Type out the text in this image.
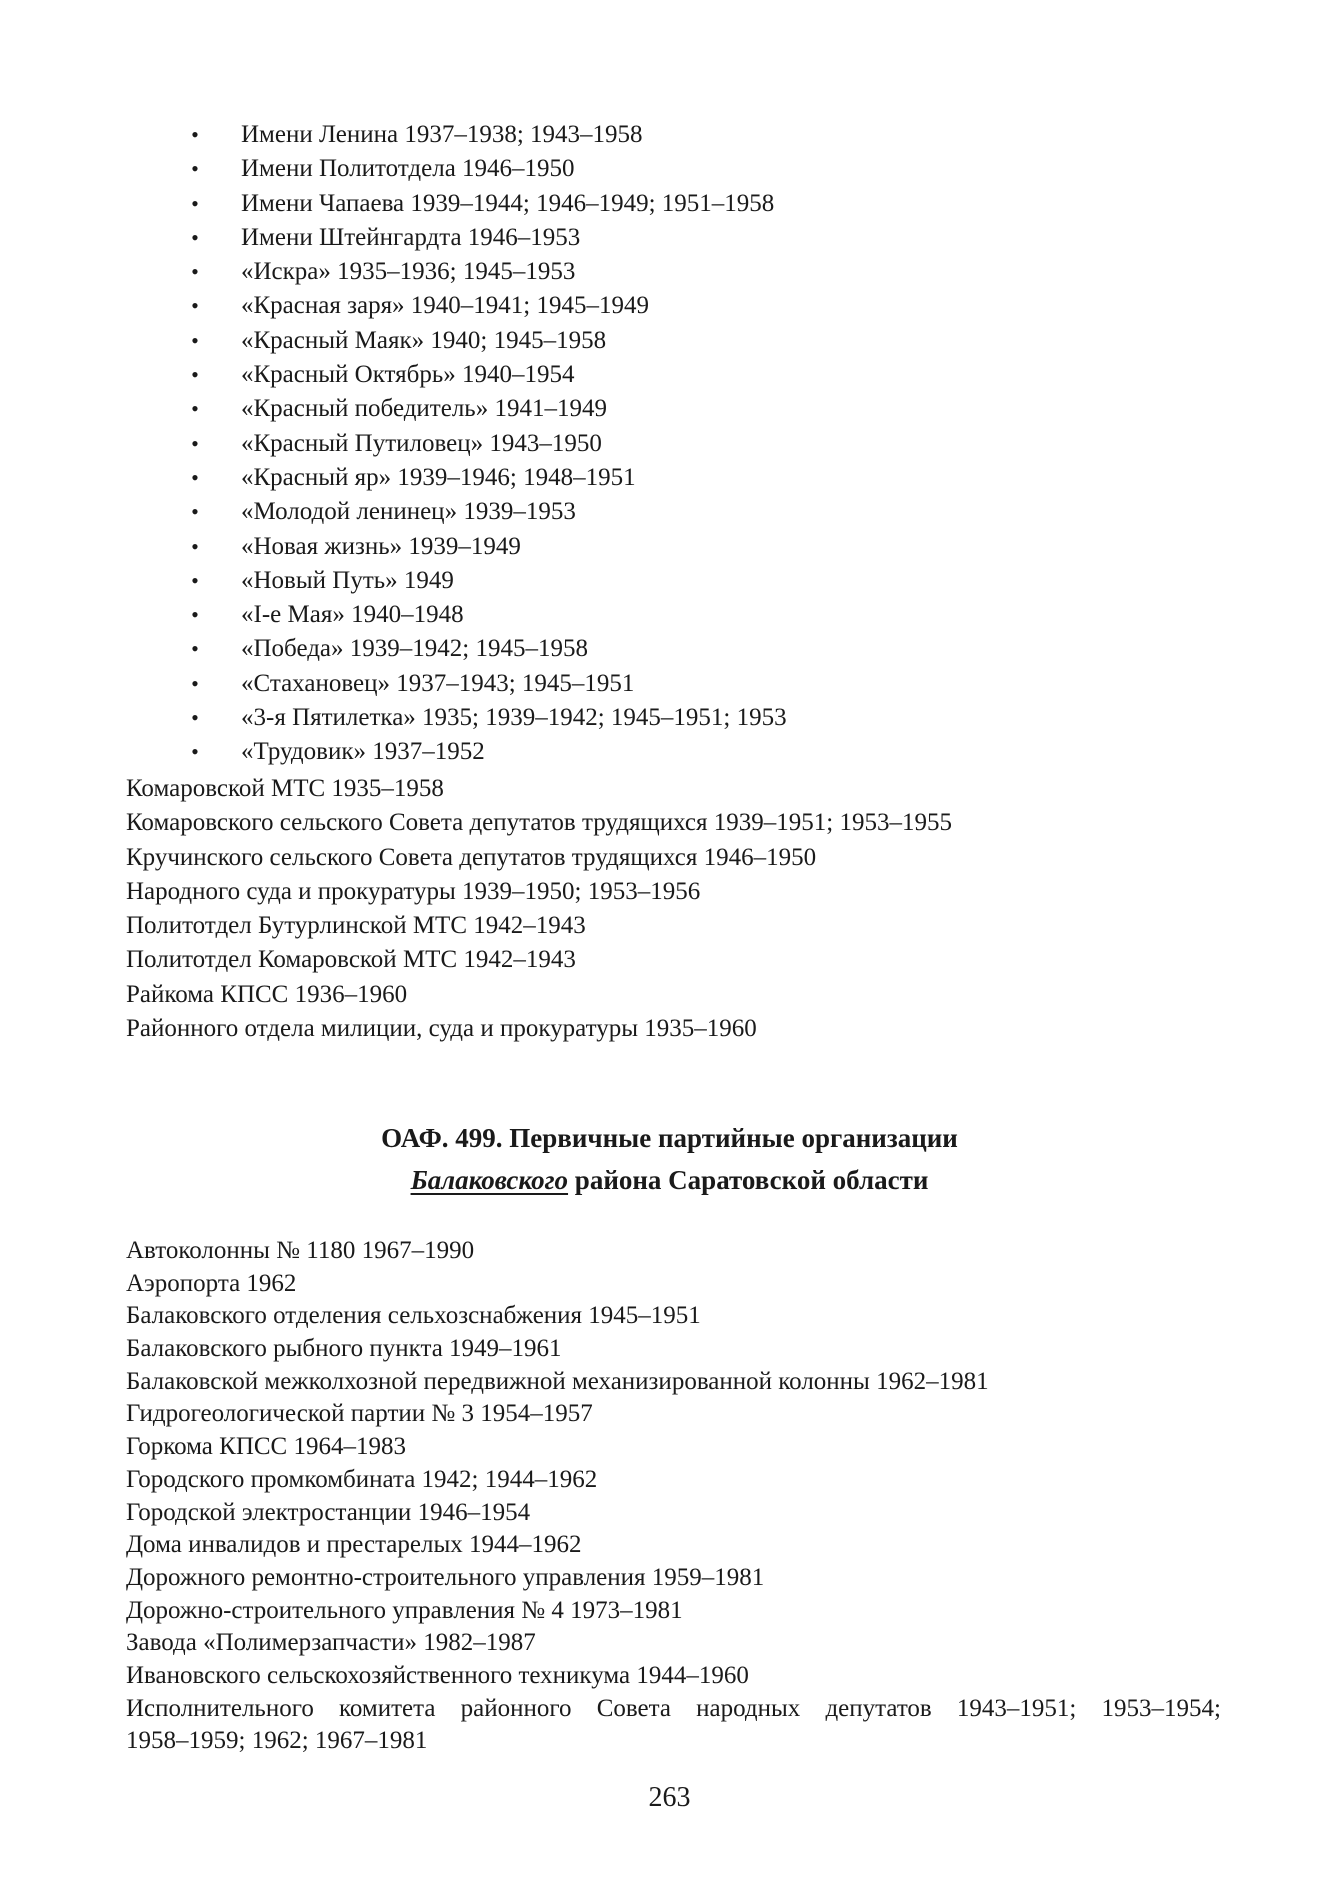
• Имени Ленина 1937–1938; 1943–1958
• Имени Политотдела 1946–1950
• Имени Чапаева 1939–1944; 1946–1949; 1951–1958
• Имени Штейнгардта 1946–1953
• «Искра» 1935–1936; 1945–1953
• «Красная заря» 1940–1941; 1945–1949
• «Красный Маяк» 1940; 1945–1958
• «Красный Октябрь» 1940–1954
• «Красный победитель» 1941–1949
• «Красный Путиловец» 1943–1950
• «Красный яр» 1939–1946; 1948–1951
• «Молодой ленинец» 1939–1953
• «Новая жизнь» 1939–1949
• «Новый Путь» 1949
• «I-е Мая» 1940–1948
• «Победа» 1939–1942; 1945–1958
• «Стахановец» 1937–1943; 1945–1951
• «3-я Пятилетка» 1935; 1939–1942; 1945–1951; 1953
• «Трудовик» 1937–1952
Комаровской МТС 1935–1958
Комаровского сельского Совета депутатов трудящихся 1939–1951; 1953–1955
Кручинского сельского Совета депутатов трудящихся 1946–1950
Народного суда и прокуратуры 1939–1950; 1953–1956
Политотдел Бутурлинской МТС 1942–1943
Политотдел Комаровской МТС 1942–1943
Райкома КПСС 1936–1960
Районного отдела милиции, суда и прокуратуры 1935–1960
ОАФ. 499. Первичные партийные организации
Балаковского района Саратовской области
Автоколонны № 1180 1967–1990
Аэропорта 1962
Балаковского отделения сельхозснабжения 1945–1951
Балаковского рыбного пункта 1949–1961
Балаковской межколхозной передвижной механизированной колонны 1962–1981
Гидрогеологической партии № 3 1954–1957
Горкома КПСС 1964–1983
Городского промкомбината 1942; 1944–1962
Городской электростанции 1946–1954
Дома инвалидов и престарелых 1944–1962
Дорожного ремонтно-строительного управления 1959–1981
Дорожно-строительного управления № 4 1973–1981
Завода «Полимерзапчасти» 1982–1987
Ивановского сельскохозяйственного техникума 1944–1960
Исполнительного комитета районного Совета народных депутатов 1943–1951; 1953–1954;
1958–1959; 1962; 1967–1981
263
